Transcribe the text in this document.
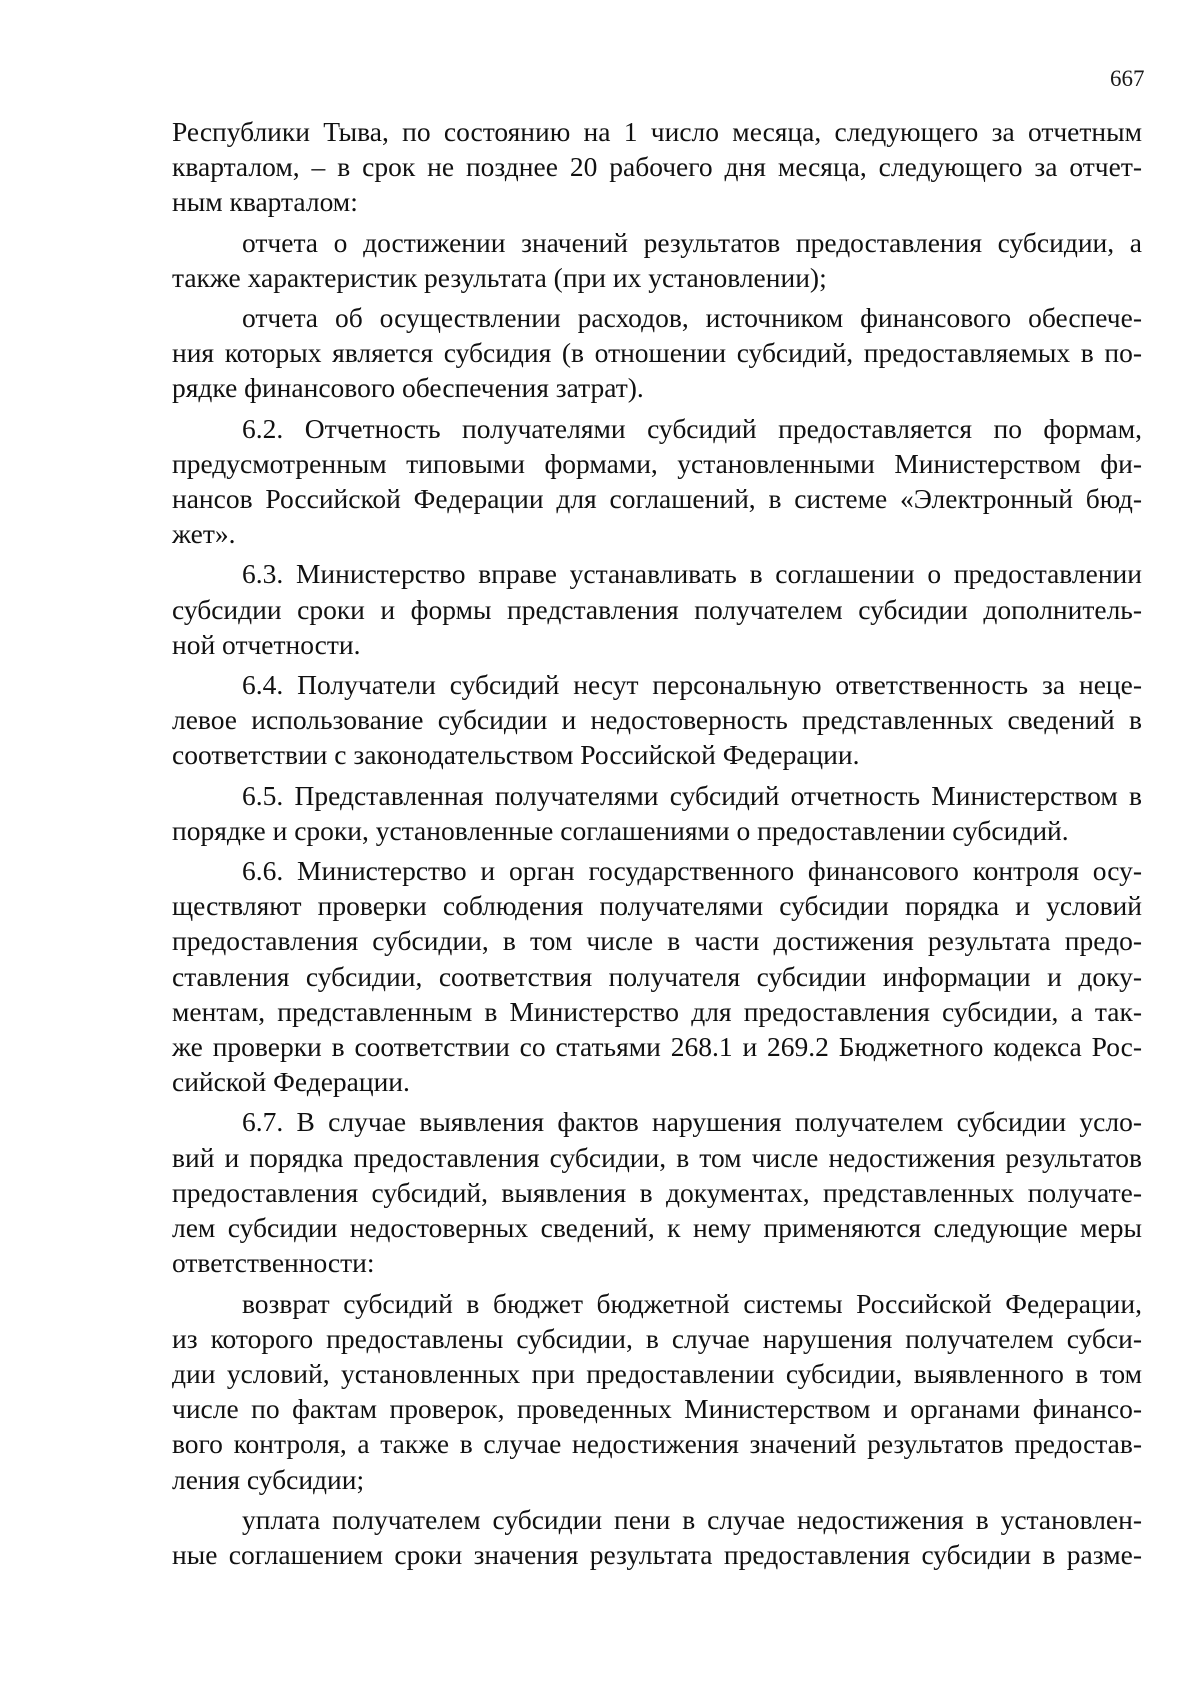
667
Республики Тыва, по состоянию на 1 число месяца, следующего за отчетным
кварталом, – в срок не позднее 20 рабочего дня месяца, следующего за отчет-
ным кварталом:
отчета о достижении значений результатов предоставления субсидии, а
также характеристик результата (при их установлении);
отчета об осуществлении расходов, источником финансового обеспече-
ния которых является субсидия (в отношении субсидий, предоставляемых в по-
рядке финансового обеспечения затрат).
6.2. Отчетность получателями субсидий предоставляется по формам,
предусмотренным типовыми формами, установленными Министерством фи-
нансов Российской Федерации для соглашений, в системе «Электронный бюд-
жет».
6.3. Министерство вправе устанавливать в соглашении о предоставлении
субсидии сроки и формы представления получателем субсидии дополнитель-
ной отчетности.
6.4. Получатели субсидий несут персональную ответственность за неце-
левое использование субсидии и недостоверность представленных сведений в
соответствии с законодательством Российской Федерации.
6.5. Представленная получателями субсидий отчетность Министерством в
порядке и сроки, установленные соглашениями о предоставлении субсидий.
6.6. Министерство и орган государственного финансового контроля осу-
ществляют проверки соблюдения получателями субсидии порядка и условий
предоставления субсидии, в том числе в части достижения результата предо-
ставления субсидии, соответствия получателя субсидии информации и доку-
ментам, представленным в Министерство для предоставления субсидии, а так-
же проверки в соответствии со статьями 268.1 и 269.2 Бюджетного кодекса Рос-
сийской Федерации.
6.7. В случае выявления фактов нарушения получателем субсидии усло-
вий и порядка предоставления субсидии, в том числе недостижения результатов
предоставления субсидий, выявления в документах, представленных получате-
лем субсидии недостоверных сведений, к нему применяются следующие меры
ответственности:
возврат субсидий в бюджет бюджетной системы Российской Федерации,
из которого предоставлены субсидии, в случае нарушения получателем субси-
дии условий, установленных при предоставлении субсидии, выявленного в том
числе по фактам проверок, проведенных Министерством и органами финансо-
вого контроля, а также в случае недостижения значений результатов предостав-
ления субсидии;
уплата получателем субсидии пени в случае недостижения в установлен-
ные соглашением сроки значения результата предоставления субсидии в разме-
